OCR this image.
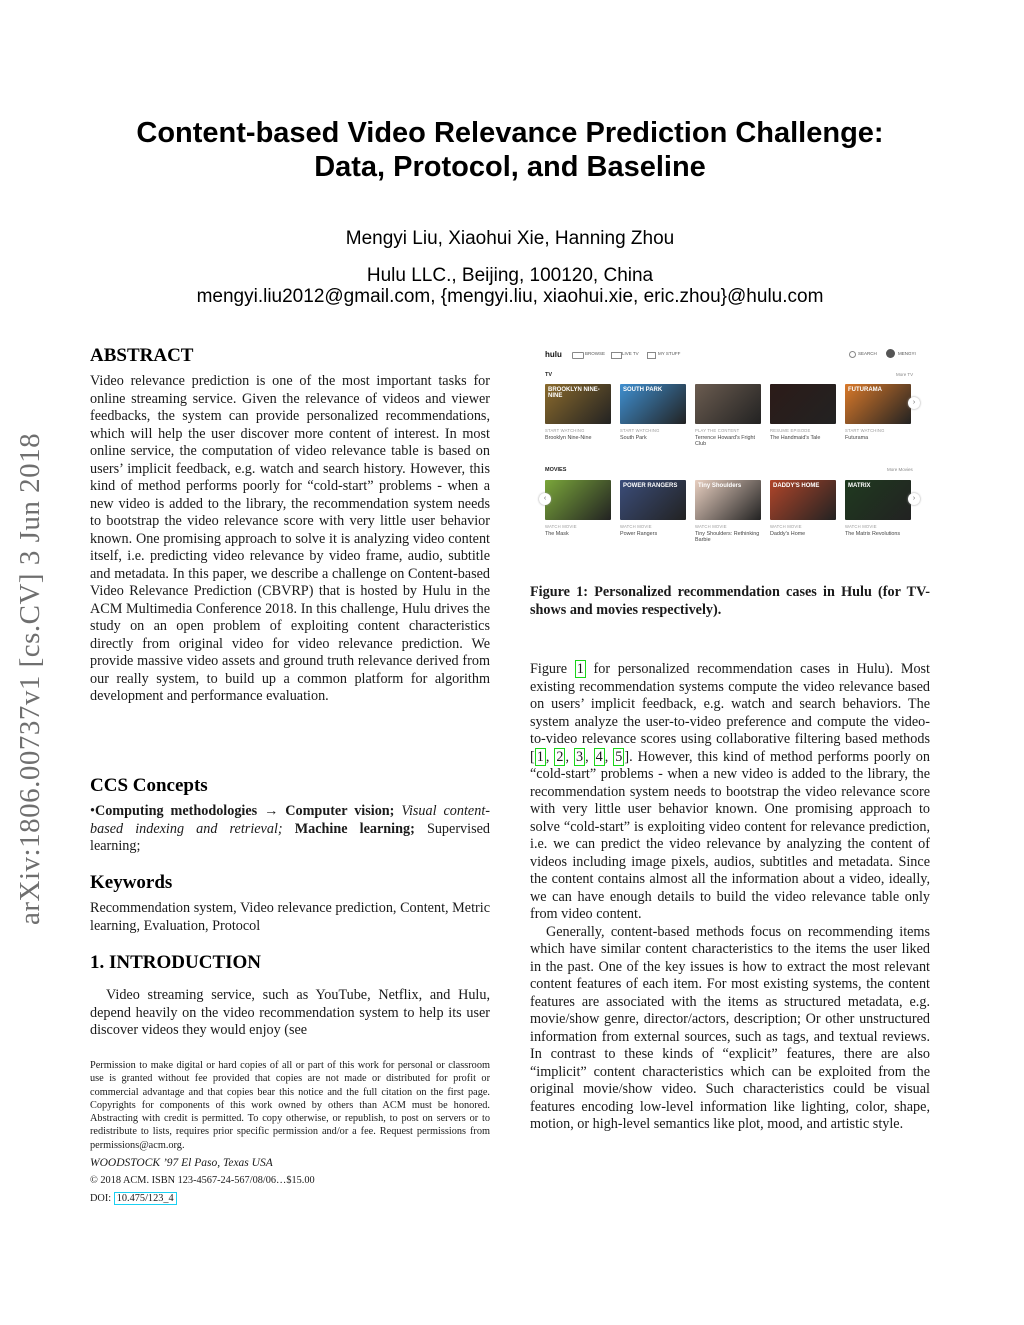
arXiv:1806.00737v1 [cs.CV] 3 Jun 2018
Content-based Video Relevance Prediction Challenge:
Data, Protocol, and Baseline
Mengyi Liu, Xiaohui Xie, Hanning Zhou
Hulu LLC., Beijing, 100120, China
mengyi.liu2012@gmail.com, {mengyi.liu, xiaohui.xie, eric.zhou}@hulu.com
ABSTRACT

Video relevance prediction is one of the most important tasks for online streaming service. Given the relevance of videos and viewer feedbacks, the system can provide personalized recommendations, which will help the user discover more content of interest. In most online service, the computation of video relevance table is based on users’ implicit feedback, e.g. watch and search history. However, this kind of method performs poorly for “cold-start” problems - when a new video is added to the library, the recommendation system needs to bootstrap the video relevance score with very little user behavior known. One promising approach to solve it is analyzing video content itself, i.e. predicting video relevance by video frame, audio, subtitle and metadata. In this paper, we describe a challenge on Content-based Video Relevance Prediction (CBVRP) that is hosted by Hulu in the ACM Multimedia Conference 2018. In this challenge, Hulu drives the study on an open problem of exploiting content characteristics directly from original video for video relevance prediction. We provide massive video assets and ground truth relevance derived from our really system, to build up a common platform for algorithm development and performance evaluation.

CCS Concepts

•Computing methodologies → Computer vision; Visual content-based indexing and retrieval; Machine learning; Supervised learning;

Keywords

Recommendation system, Video relevance prediction, Content, Metric learning, Evaluation, Protocol

1. INTRODUCTION

Video streaming service, such as YouTube, Netflix, and Hulu, depend heavily on the video recommendation system to help its user discover videos they would enjoy (see

Permission to make digital or hard copies of all or part of this work for personal or classroom use is granted without fee provided that copies are not made or distributed for profit or commercial advantage and that copies bear this notice and the full citation on the first page. Copyrights for components of this work owned by others than ACM must be honored. Abstracting with credit is permitted. To copy otherwise, or republish, to post on servers or to redistribute to lists, requires prior specific permission and/or a fee. Request permissions from permissions@acm.org.

WOODSTOCK ’97 El Paso, Texas USA

© 2018 ACM. ISBN 123-4567-24-567/08/06…$15.00

DOI: 10.475/123_4

hulu	BROWSE	LIVE TV	MY STUFF	SEARCH	MENGYI
TV	More TV
BROOKLYN NINE-NINE
SOUTH PARK	FUTURAMA
›
START WATCHING
Brooklyn Nine-Nine
START WATCHING
South Park
PLAY THE CONTENT
Terrence Howard's Fright Club
RESUME EPISODE
The Handmaid's Tale
START WATCHING
Futurama
MOVIES	More Movies
POWER RANGERS	Tiny Shoulders	DADDY'S HOME	MATRIX
‹	›
WATCH MOVIE
The Mask
WATCH MOVIE
Power Rangers
WATCH MOVIE
Tiny Shoulders: Rethinking Barbie
WATCH MOVIE
Daddy's Home
WATCH MOVIE
The Matrix Revolutions
Figure 1: Personalized recommendation cases in Hulu (for TV-shows and movies respectively).

Figure 1 for personalized recommendation cases in Hulu). Most existing recommendation systems compute the video relevance based on users’ implicit feedback, e.g. watch and search behaviors. The system analyze the user-to-video preference and compute the video-to-video relevance scores using collaborative filtering based methods [ 1 , 2 , 3 , 4 , 5 ]. However, this kind of method performs poorly on “cold-start” problems - when a new video is added to the library, the recommendation system needs to bootstrap the video relevance score with very little user behavior known. One promising approach to solve “cold-start” is exploiting video content for relevance prediction, i.e. we can predict the video relevance by analyzing the content of videos including image pixels, audios, subtitles and metadata. Since the content contains almost all the information about a video, ideally, we can have enough details to build the video relevance table only from video content.

Generally, content-based methods focus on recommending items which have similar content characteristics to the items the user liked in the past. One of the key issues is how to extract the most relevant content features of each item. For most existing systems, the content features are associated with the items as structured metadata, e.g. movie/show genre, director/actors, description; Or other unstructured information from external sources, such as tags, and textual reviews. In contrast to these kinds of “explicit” features, there are also “implicit” content characteristics which can be exploited from the original movie/show video. Such characteristics could be visual features encoding low-level information like lighting, color, shape, motion, or high-level semantics like plot, mood, and artistic style.
